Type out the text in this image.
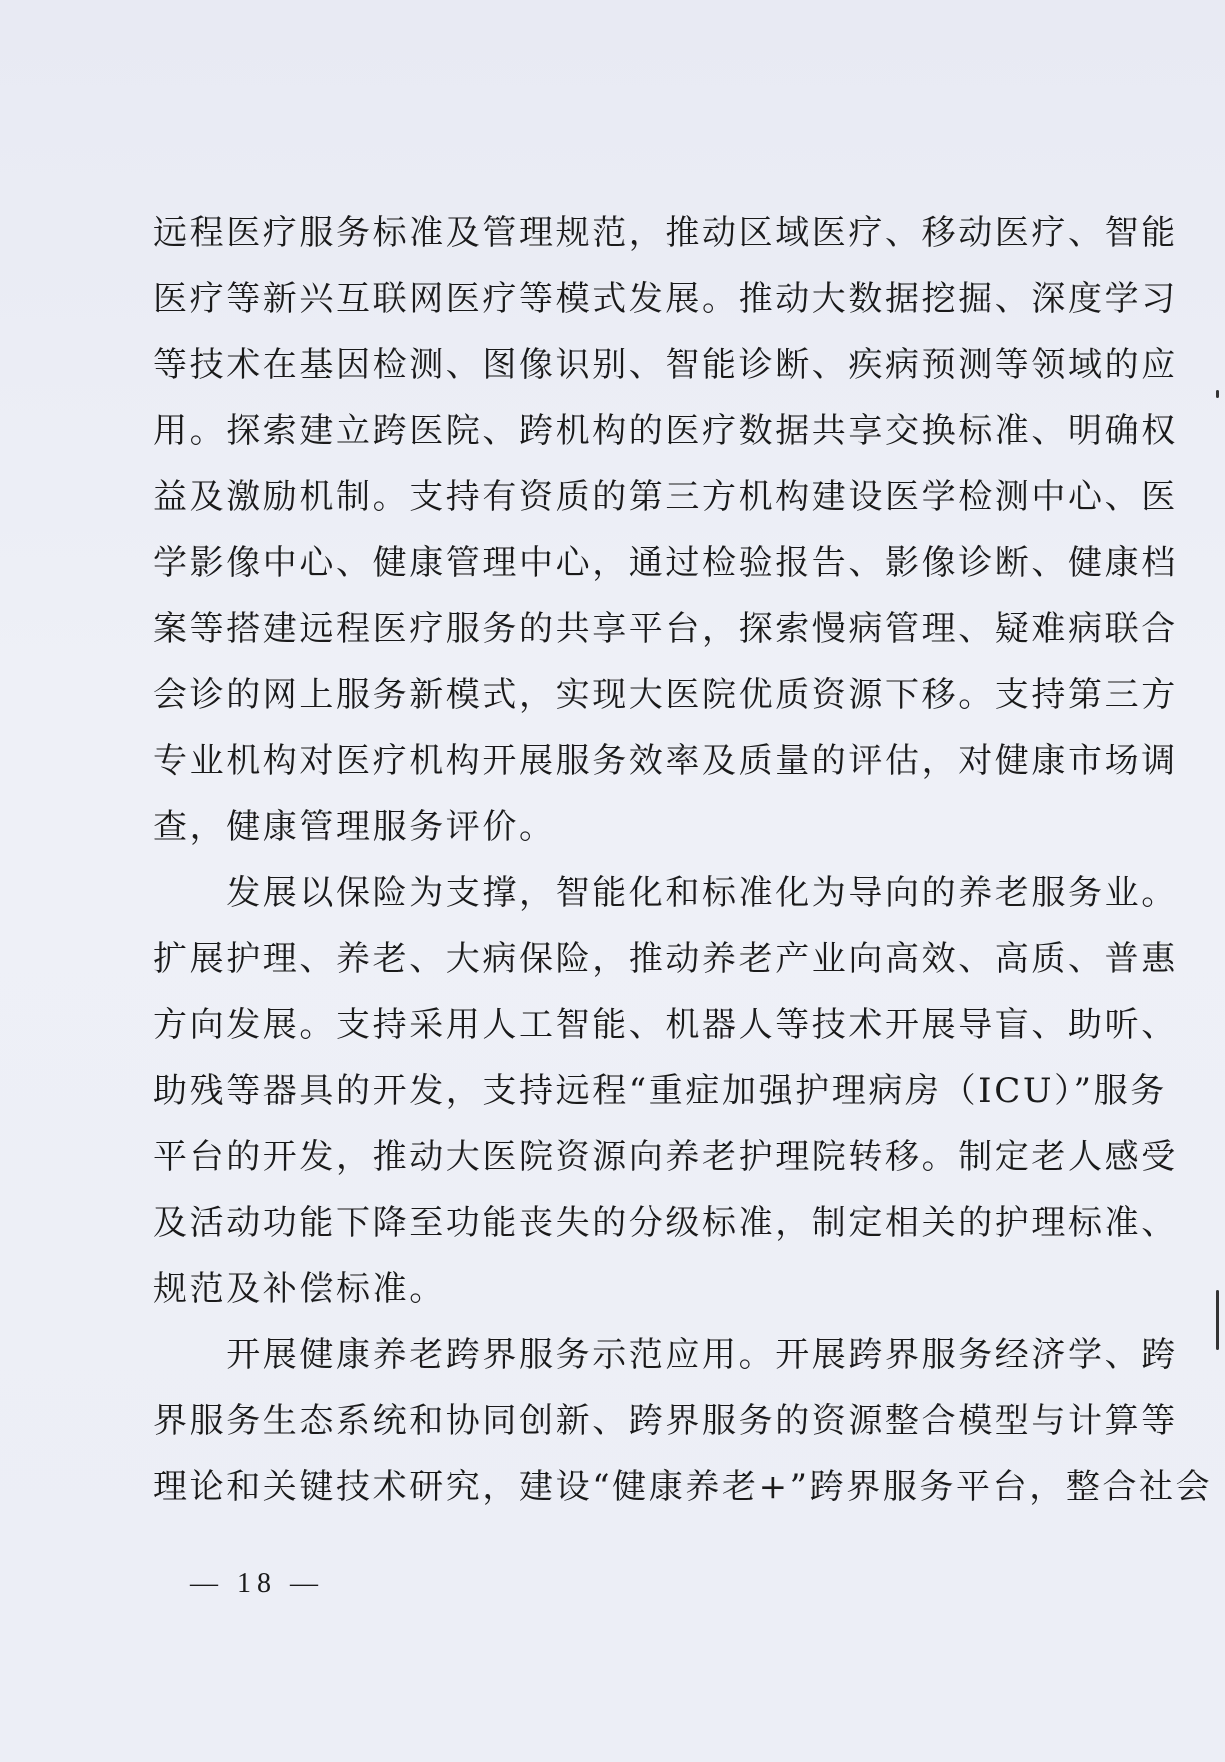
远程医疗服务标准及管理规范，推动区域医疗、移动医疗、智能
医疗等新兴互联网医疗等模式发展。推动大数据挖掘、深度学习
等技术在基因检测、图像识别、智能诊断、疾病预测等领域的应
用。探索建立跨医院、跨机构的医疗数据共享交换标准、明确权
益及激励机制。支持有资质的第三方机构建设医学检测中心、医
学影像中心、健康管理中心，通过检验报告、影像诊断、健康档
案等搭建远程医疗服务的共享平台，探索慢病管理、疑难病联合
会诊的网上服务新模式，实现大医院优质资源下移。支持第三方
专业机构对医疗机构开展服务效率及质量的评估，对健康市场调
查，健康管理服务评价。
　　发展以保险为支撑，智能化和标准化为导向的养老服务业。
扩展护理、养老、大病保险，推动养老产业向高效、高质、普惠
方向发展。支持采用人工智能、机器人等技术开展导盲、助听、
助残等器具的开发，支持远程“重症加强护理病房（ICU）”服务
平台的开发，推动大医院资源向养老护理院转移。制定老人感受
及活动功能下降至功能丧失的分级标准，制定相关的护理标准、
规范及补偿标准。
　　开展健康养老跨界服务示范应用。开展跨界服务经济学、跨
界服务生态系统和协同创新、跨界服务的资源整合模型与计算等
理论和关键技术研究，建设“健康养老+”跨界服务平台，整合社会
— 18 —
